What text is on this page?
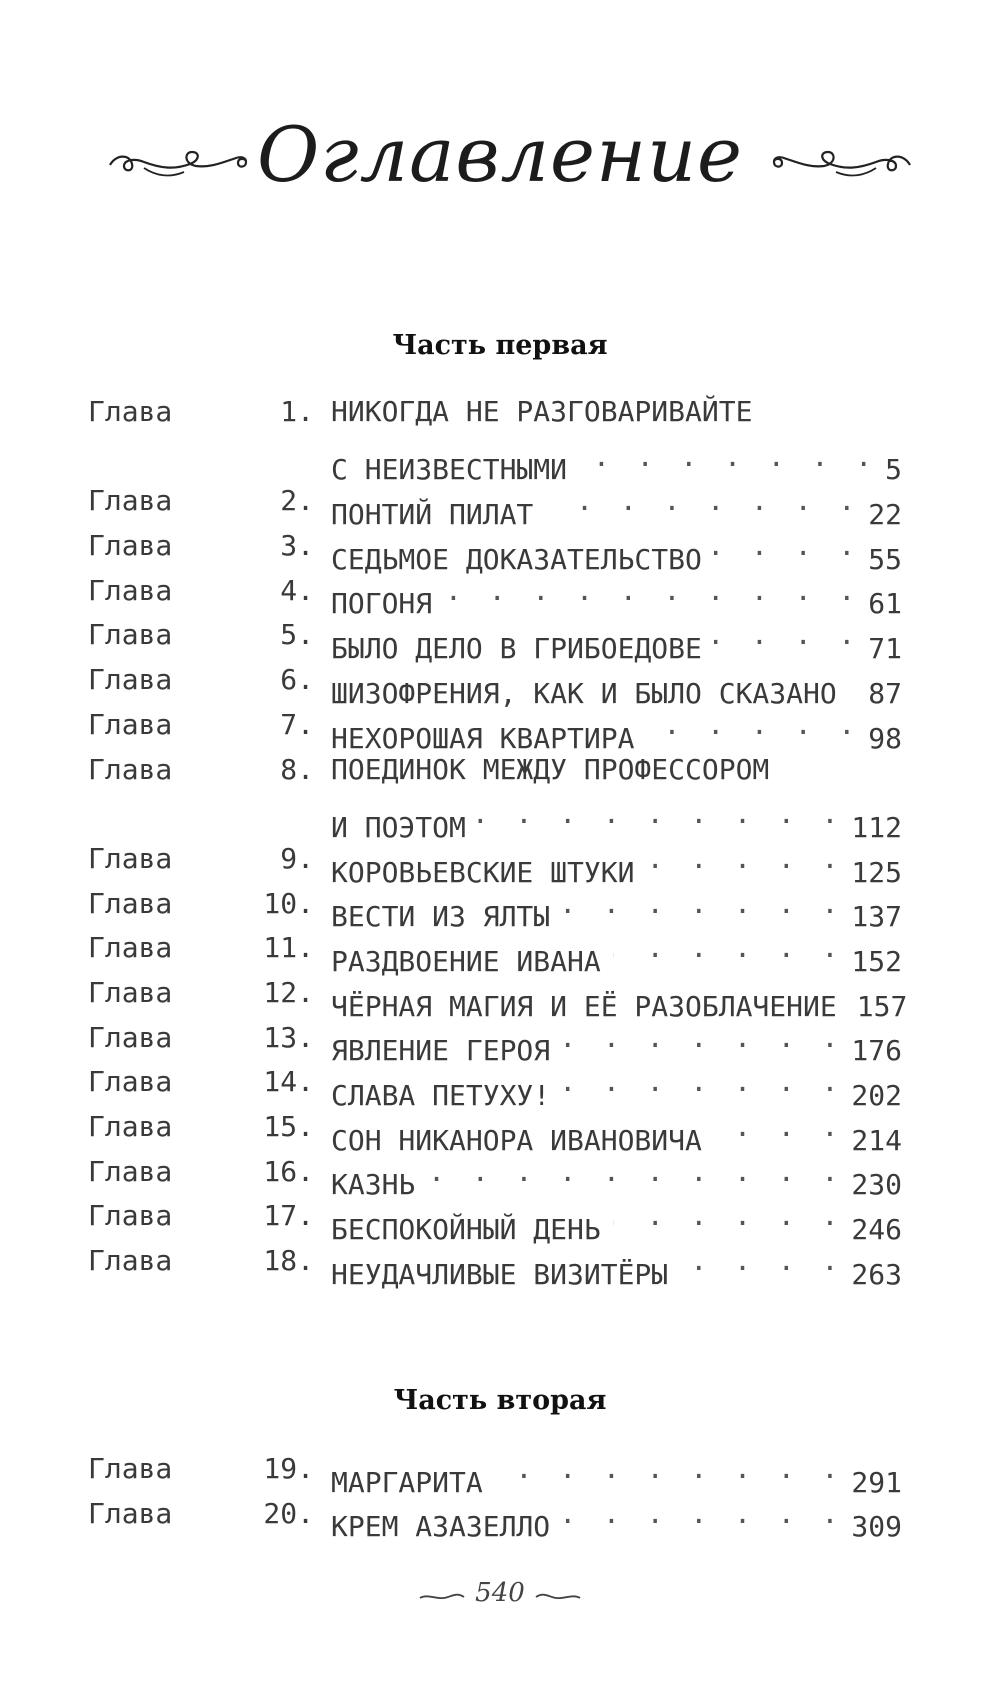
Оглавление
Часть первая
Глава	1. НИКОГДА НЕ РАЗГОВАРИВАЙТЕ
С НЕИЗВЕСТНЫМИ . . .	5
Глава	2. ПОНТИЙ ПИЛАТ . . .	22
Глава	3. СЕДЬМОЕ ДОКАЗАТЕЛЬСТВО . . .	55
Глава	4. ПОГОНЯ . . .	61
Глава	5. БЫЛО ДЕЛО В ГРИБОЕДОВЕ . . .	71
Глава	6. ШИЗОФРЕНИЯ, КАК И БЫЛО СКАЗАНО . . .	87
Глава	7. НЕХОРОШАЯ КВАРТИРА . . .	98
Глава	8. ПОЕДИНОК МЕЖДУ ПРОФЕССОРОМ
И ПОЭТОМ . . .	112
Глава	9. КОРОВЬЕВСКИЕ ШТУКИ . . .	125
Глава	10. ВЕСТИ ИЗ ЯЛТЫ . . .	137
Глава	11. РАЗДВОЕНИЕ ИВАНА . . .	152
Глава	12. ЧЁРНАЯ МАГИЯ И ЕЁ РАЗОБЛАЧЕНИЕ 157
Глава	13. ЯВЛЕНИЕ ГЕРОЯ . . .	176
Глава	14. СЛАВА ПЕТУХУ! . . .	202
Глава	15. СОН НИКАНОРА ИВАНОВИЧА . . .	214
Глава	16. КАЗНЬ . . .	230
Глава	17. БЕСПОКОЙНЫЙ ДЕНЬ . . .	246
Глава	18. НЕУДАЧЛИВЫЕ ВИЗИТЁРЫ . . .	263
Часть вторая
Глава	19. МАРГАРИТА . . .	291
Глава	20. КРЕМ АЗАЗЕЛЛО . . .	309
540
